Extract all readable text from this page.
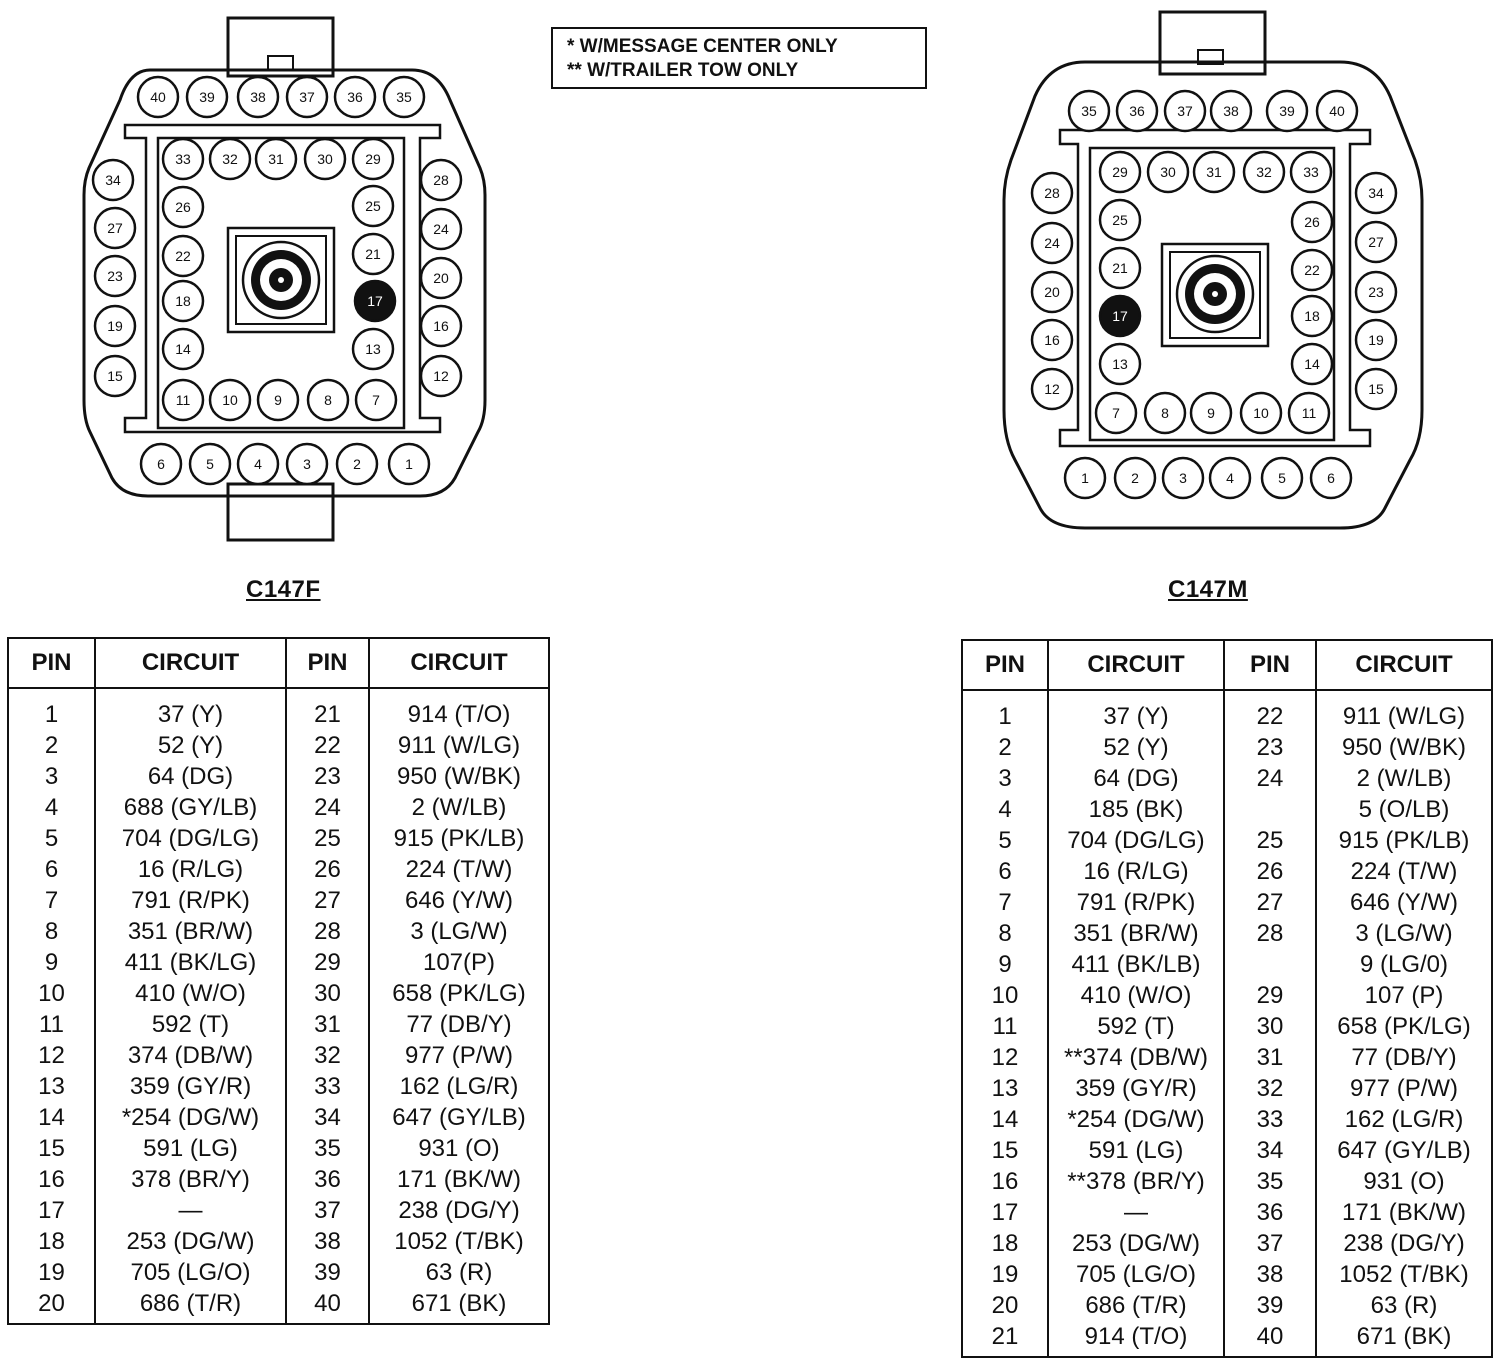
1
2
3
4
5
6
7
8
9
10
11
12
13
14
15
16
17
18
19
20
21
22
23
24
25
26
27
28
29
30
31
32
33
34
35
36
37
38
39
40
1	2	3	4	5	6
7	8	9	10 11
12
13	14
15
16
17	18
19
20
21	22
23
24
25	26
27
28
29 30 31 32 33
34
35 36 37 38	39 40
* W/MESSAGE CENTER ONLY
** W/TRAILER TOW ONLY
C147F	C147M
PIN	CIRCUIT	PIN	CIRCUIT
1	37 (Y)	21	914 (T/O)
2	52 (Y)	22	911 (W/LG)
3	64 (DG)	23	950 (W/BK)
4	688 (GY/LB)	24	2 (W/LB)
5	704 (DG/LG)	25	915 (PK/LB)
6	16 (R/LG)	26	224 (T/W)
7	791 (R/PK)	27	646 (Y/W)
8	351 (BR/W)	28	3 (LG/W)
9	411 (BK/LG)	29	107(P)
10	410 (W/O)	30	658 (PK/LG)
11	592 (T)	31	77 (DB/Y)
12	374 (DB/W)	32	977 (P/W)
13	359 (GY/R)	33	162 (LG/R)
14	*254 (DG/W)	34	647 (GY/LB)
15	591 (LG)	35	931 (O)
16	378 (BR/Y)	36	171 (BK/W)
17	—	37	238 (DG/Y)
18	253 (DG/W)	38	1052 (T/BK)
19	705 (LG/O)	39	63 (R)
20	686 (T/R)	40	671 (BK)
PIN	CIRCUIT	PIN	CIRCUIT
1	37 (Y)	22	911 (W/LG)
2	52 (Y)	23	950 (W/BK)
3	64 (DG)	24	2 (W/LB)
4	185 (BK)		5 (O/LB)
5	704 (DG/LG)	25	915 (PK/LB)
6	16 (R/LG)	26	224 (T/W)
7	791 (R/PK)	27	646 (Y/W)
8	351 (BR/W)	28	3 (LG/W)
9	411 (BK/LB)		9 (LG/0)
10	410 (W/O)	29	107 (P)
11	592 (T)	30	658 (PK/LG)
12	**374 (DB/W)	31	77 (DB/Y)
13	359 (GY/R)	32	977 (P/W)
14	*254 (DG/W)	33	162 (LG/R)
15	591 (LG)	34	647 (GY/LB)
16	**378 (BR/Y)	35	931 (O)
17	—	36	171 (BK/W)
18	253 (DG/W)	37	238 (DG/Y)
19	705 (LG/O)	38	1052 (T/BK)
20	686 (T/R)	39	63 (R)
21	914 (T/O)	40	671 (BK)
